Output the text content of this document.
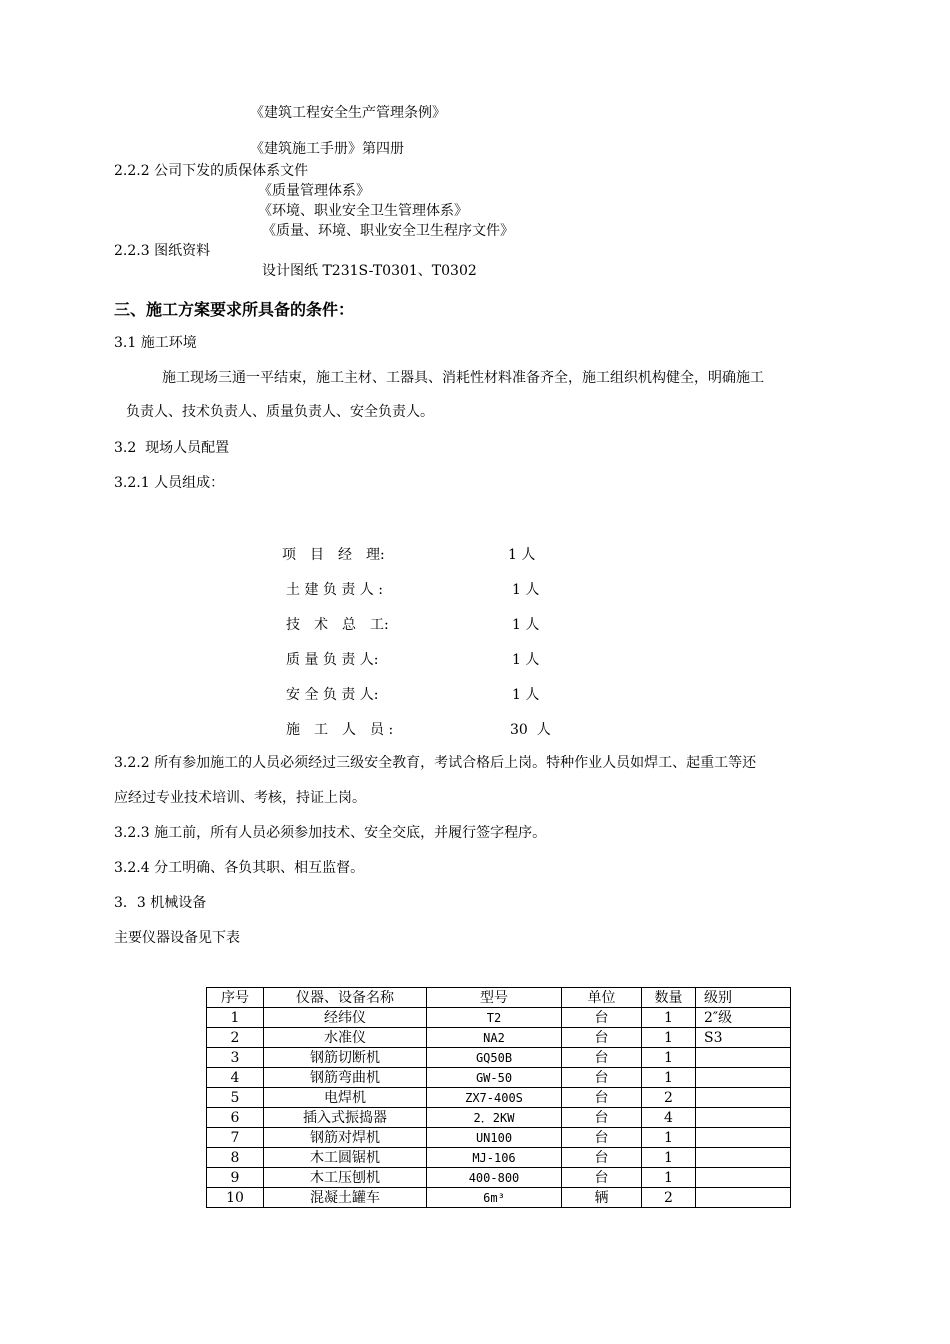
《建筑工程安全生产管理条例》
《建筑施工手册》第四册
2.2.2 公司下发的质保体系文件
《质量管理体系》
《环境、职业安全卫生管理体系》
《质量、环境、职业安全卫生程序文件》
2.2.3 图纸资料
设计图纸 T231S-T0301、T0302
三、施工方案要求所具备的条件：
3.1 施工环境
施工现场三通一平结束，施工主材、工器具、消耗性材料准备齐全，施工组织机构健全，明确施工
负责人、技术负责人、质量负责人、安全负责人。
3.2  现场人员配置
3.2.1 人员组成：
项　目　经　理:	1 人
土 建 负 责 人 :	1 人
技　术　总　工:	1 人
质 量 负 责 人:	1 人
安 全 负 责 人:	1 人
施　工　人　员 :	30  人
3.2.2 所有参加施工的人员必须经过三级安全教育，考试合格后上岗。特种作业人员如焊工、起重工等还
应经过专业技术培训、考核，持证上岗。
3.2.3 施工前，所有人员必须参加技术、安全交底，并履行签字程序。
3.2.4 分工明确、各负其职、相互监督。
3．3 机械设备
主要仪器设备见下表
序号	仪器、设备名称	型号	单位	数量	级别
1	经纬仪	T2	台	1	2″级
2	水准仪	NA2	台	1	S3
3	钢筋切断机	GQ50B	台	1	
4	钢筋弯曲机	GW-50	台	1	
5	电焊机	ZX7-400S	台	2	
6	插入式振捣器	2．2KW	台	4	
7	钢筋对焊机	UN100	台	1	
8	木工圆锯机	MJ-106	台	1	
9	木工压刨机	400-800	台	1	
10	混凝土罐车	6m³	辆	2	
